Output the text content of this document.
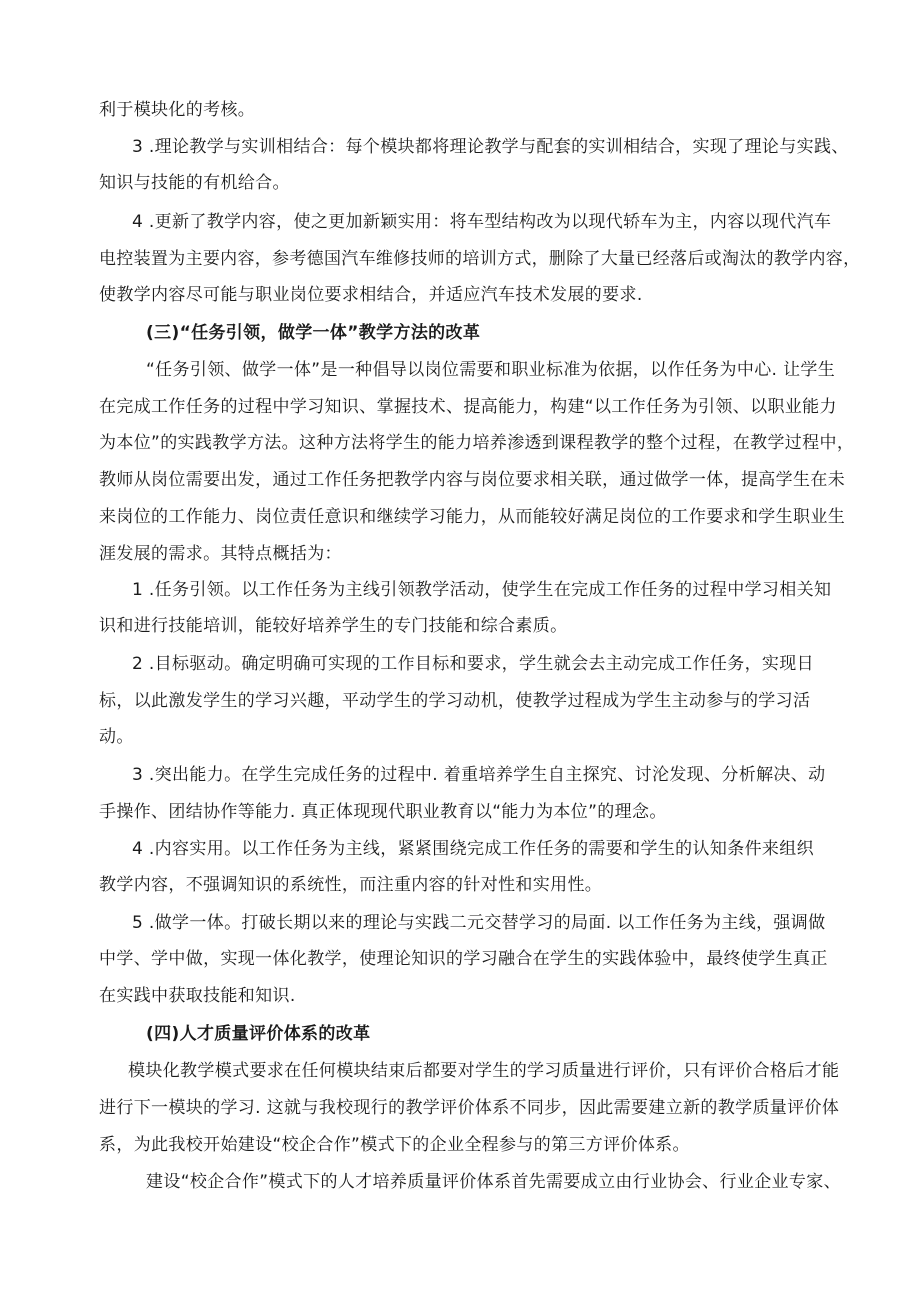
利于模块化的考核。
3 .理论教学与实训相结合：每个模块都将理论教学与配套的实训相结合，实现了理论与实践、
知识与技能的有机给合。
4 .更新了教学内容，使之更加新颖实用：将车型结构改为以现代轿车为主，内容以现代汽车
电控装置为主要内容，参考德国汽车维修技师的培训方式，删除了大量已经落后或淘汰的教学内容，
使教学内容尽可能与职业岗位要求相结合，并适应汽车技术发展的要求.
(三)“任务引领，做学一体”教学方法的改革
“任务引领、做学一体”是一种倡导以岗位需要和职业标准为依据，以作任务为中心. 让学生
在完成工作任务的过程中学习知识、掌握技术、提高能力，构建“以工作任务为引领、以职业能力
为本位”的实践教学方法。这种方法将学生的能力培养渗透到课程教学的整个过程，在教学过程中，
教师从岗位需要出发，通过工作任务把教学内容与岗位要求相关联，通过做学一体，提高学生在未
来岗位的工作能力、岗位责任意识和继续学习能力，从而能较好满足岗位的工作要求和学生职业生
涯发展的需求。其特点概括为：
1 .任务引领。以工作任务为主线引领教学活动，使学生在完成工作任务的过程中学习相关知
识和进行技能培训，能较好培养学生的专门技能和综合素质。
2 .目标驱动。确定明确可实现的工作目标和要求，学生就会去主动完成工作任务，实现日
标，以此激发学生的学习兴趣，平动学生的学习动机，使教学过程成为学生主动参与的学习活
动。
3 .突出能力。在学生完成任务的过程中. 着重培养学生自主探究、讨沦发现、分析解决、动
手操作、团结协作等能力. 真正体现现代职业教育以“能力为本位”的理念。
4 .内容实用。以工作任务为主线，紧紧围绕完成工作任务的需要和学生的认知条件来组织
教学内容，不强调知识的系统性，而注重内容的针对性和实用性。
5 .做学一体。打破长期以来的理论与实践二元交替学习的局面. 以工作任务为主线，强调做
中学、学中做，实现一体化教学，使理论知识的学习融合在学生的实践体验中，最终使学生真正
在实践中获取技能和知识.
(四)人才质量评价体系的改革
模块化教学模式要求在任何模块结束后都要对学生的学习质量进行评价，只有评价合格后才能
进行下一模块的学习. 这就与我校现行的教学评价体系不同步，因此需要建立新的教学质量评价体
系，为此我校开始建设“校企合作”模式下的企业全程参与的第三方评价体系。
建设“校企合作”模式下的人才培养质量评价体系首先需要成立由行业协会、行业企业专家、
